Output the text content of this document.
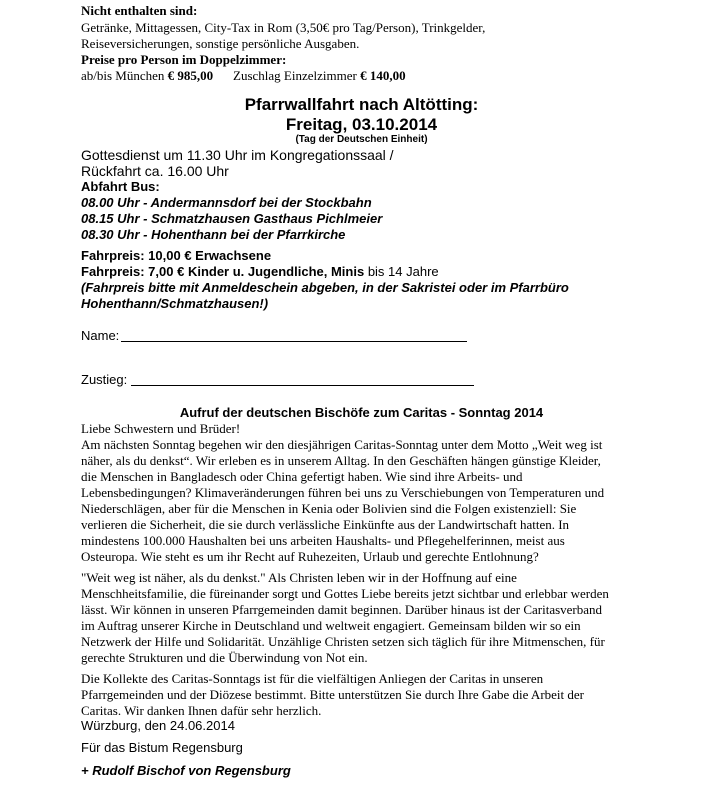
Nicht enthalten sind:
Getränke, Mittagessen, City-Tax in Rom (3,50€ pro Tag/Person), Trinkgelder,
Reiseversicherungen, sonstige persönliche Ausgaben.
Preise pro Person im Doppelzimmer:
ab/bis München € 985,00 Zuschlag Einzelzimmer € 140,00
Pfarrwallfahrt nach Altötting:
Freitag, 03.10.2014
(Tag der Deutschen Einheit)
Gottesdienst um 11.30 Uhr im Kongregationssaal /
Rückfahrt ca. 16.00 Uhr
Abfahrt Bus:
08.00 Uhr - Andermannsdorf bei der Stockbahn
08.15 Uhr - Schmatzhausen Gasthaus Pichlmeier
08.30 Uhr - Hohenthann bei der Pfarrkirche
Fahrpreis: 10,00 € Erwachsene
Fahrpreis: 7,00 € Kinder u. Jugendliche, Minis bis 14 Jahre
(Fahrpreis bitte mit Anmeldeschein abgeben, in der Sakristei oder im Pfarrbüro
Hohenthann/Schmatzhausen!)
Name:
Zustieg:
Aufruf der deutschen Bischöfe zum Caritas - Sonntag 2014
Liebe Schwestern und Brüder!
Am nächsten Sonntag begehen wir den diesjährigen Caritas-Sonntag unter dem Motto „Weit weg ist
näher, als du denkst“. Wir erleben es in unserem Alltag. In den Geschäften hängen günstige Kleider,
die Menschen in Bangladesch oder China gefertigt haben. Wie sind ihre Arbeits- und
Lebensbedingungen? Klimaveränderungen führen bei uns zu Verschiebungen von Temperaturen und
Niederschlägen, aber für die Menschen in Kenia oder Bolivien sind die Folgen existenziell: Sie
verlieren die Sicherheit, die sie durch verlässliche Einkünfte aus der Landwirtschaft hatten. In
mindestens 100.000 Haushalten bei uns arbeiten Haushalts- und Pflegehelferinnen, meist aus
Osteuropa. Wie steht es um ihr Recht auf Ruhezeiten, Urlaub und gerechte Entlohnung?
"Weit weg ist näher, als du denkst." Als Christen leben wir in der Hoffnung auf eine
Menschheitsfamilie, die füreinander sorgt und Gottes Liebe bereits jetzt sichtbar und erlebbar werden
lässt. Wir können in unseren Pfarrgemeinden damit beginnen. Darüber hinaus ist der Caritasverband
im Auftrag unserer Kirche in Deutschland und weltweit engagiert. Gemeinsam bilden wir so ein
Netzwerk der Hilfe und Solidarität. Unzählige Christen setzen sich täglich für ihre Mitmenschen, für
gerechte Strukturen und die Überwindung von Not ein.
Die Kollekte des Caritas-Sonntags ist für die vielfältigen Anliegen der Caritas in unseren
Pfarrgemeinden und der Diözese bestimmt. Bitte unterstützen Sie durch Ihre Gabe die Arbeit der
Caritas. Wir danken Ihnen dafür sehr herzlich.
Würzburg, den 24.06.2014
Für das Bistum Regensburg
+ Rudolf Bischof von Regensburg
